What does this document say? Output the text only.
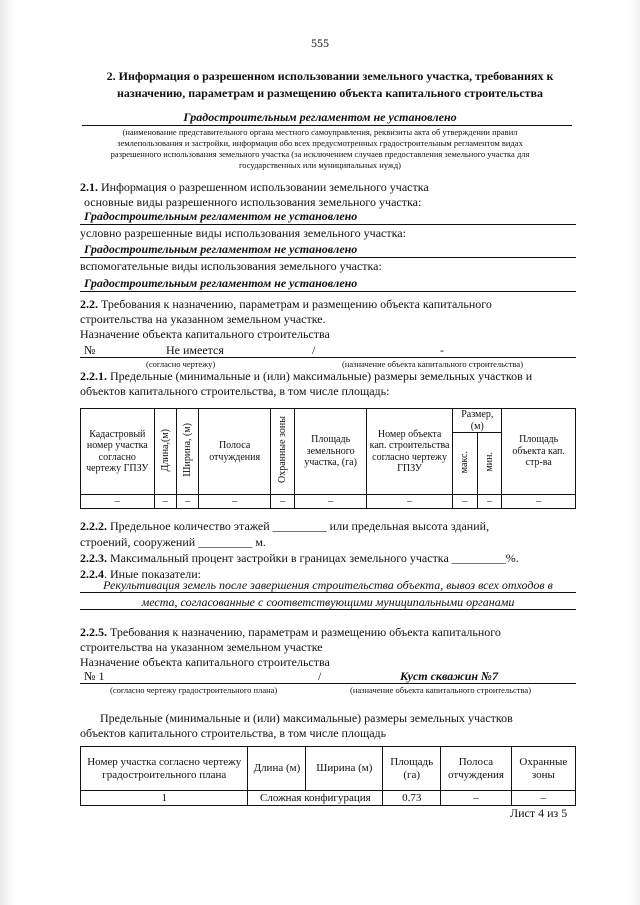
555
2. Информация о разрешенном использовании земельного участка, требованиях к
назначению, параметрам и размещению объекта капитального строительства
Градостроительным регламентом не установлено
(наименование представительного органа местного самоуправления, реквизиты акта об утверждении правил
землепользования и застройки, информация обо всех предусмотренных градостроительным регламентом видах
разрешенного использования земельного участка (за исключением случаев предоставления земельного участка для
государственных или муниципальных нужд)
2.1. Информация о разрешенном использовании земельного участка
основные виды разрешенного использования земельного участка:
Градостроительным регламентом не установлено
условно разрешенные виды использования земельного участка:
Градостроительным регламентом не установлено
вспомогательные виды использования земельного участка:
Градостроительным регламентом не установлено
2.2. Требования к назначению, параметрам и размещению объекта капитального
строительства на указанном земельном участке.
Назначение объекта капитального строительства
№	Не имеется	/	-
(согласно чертежу)	(назначение объекта капитального строительства)
2.2.1. Предельные (минимальные и (или) максимальные) размеры земельных участков и
объектов капитального строительства, в том числе площадь:
Кадастровый номер участка согласно чертежу ГПЗУ	Длина,(м)	Ширина, (м)	Полоса отчуждения	Охранные зоны	Площадь земельного участка, (га)	Номер объекта кап. строительства согласно чертежу ГПЗУ	Размер, (м)		Площадь объекта кап. стр-ва
							макс.	мин.	
–	–	–	–	–	–	–	–	–	–
2.2.2. Предельное количество этажей _________ или предельная высота зданий,
строений, сооружений _________ м.
2.2.3. Максимальный процент застройки в границах земельного участка _________%.
2.2.4. Иные показатели:
Рекультивация земель после завершения строительства объекта, вывоз всех отходов в
места, согласованные с соответствующими муниципальными органами
2.2.5. Требования к назначению, параметрам и размещению объекта капитального
строительства на указанном земельном участке
Назначение объекта капитального строительства
№ 1	/	Куст скважин №7
(согласно чертежу градостроительного плана)	(назначение объекта капитального строительства)
Предельные (минимальные и (или) максимальные) размеры земельных участков
объектов капитального строительства, в том числе площадь
Номер участка согласно чертежу градостроительного плана	Длина (м)	Ширина (м)	Площадь (га)	Полоса отчуждения	Охранные зоны
1	Сложная конфигурация		0.73	–	–
Лист 4 из 5
